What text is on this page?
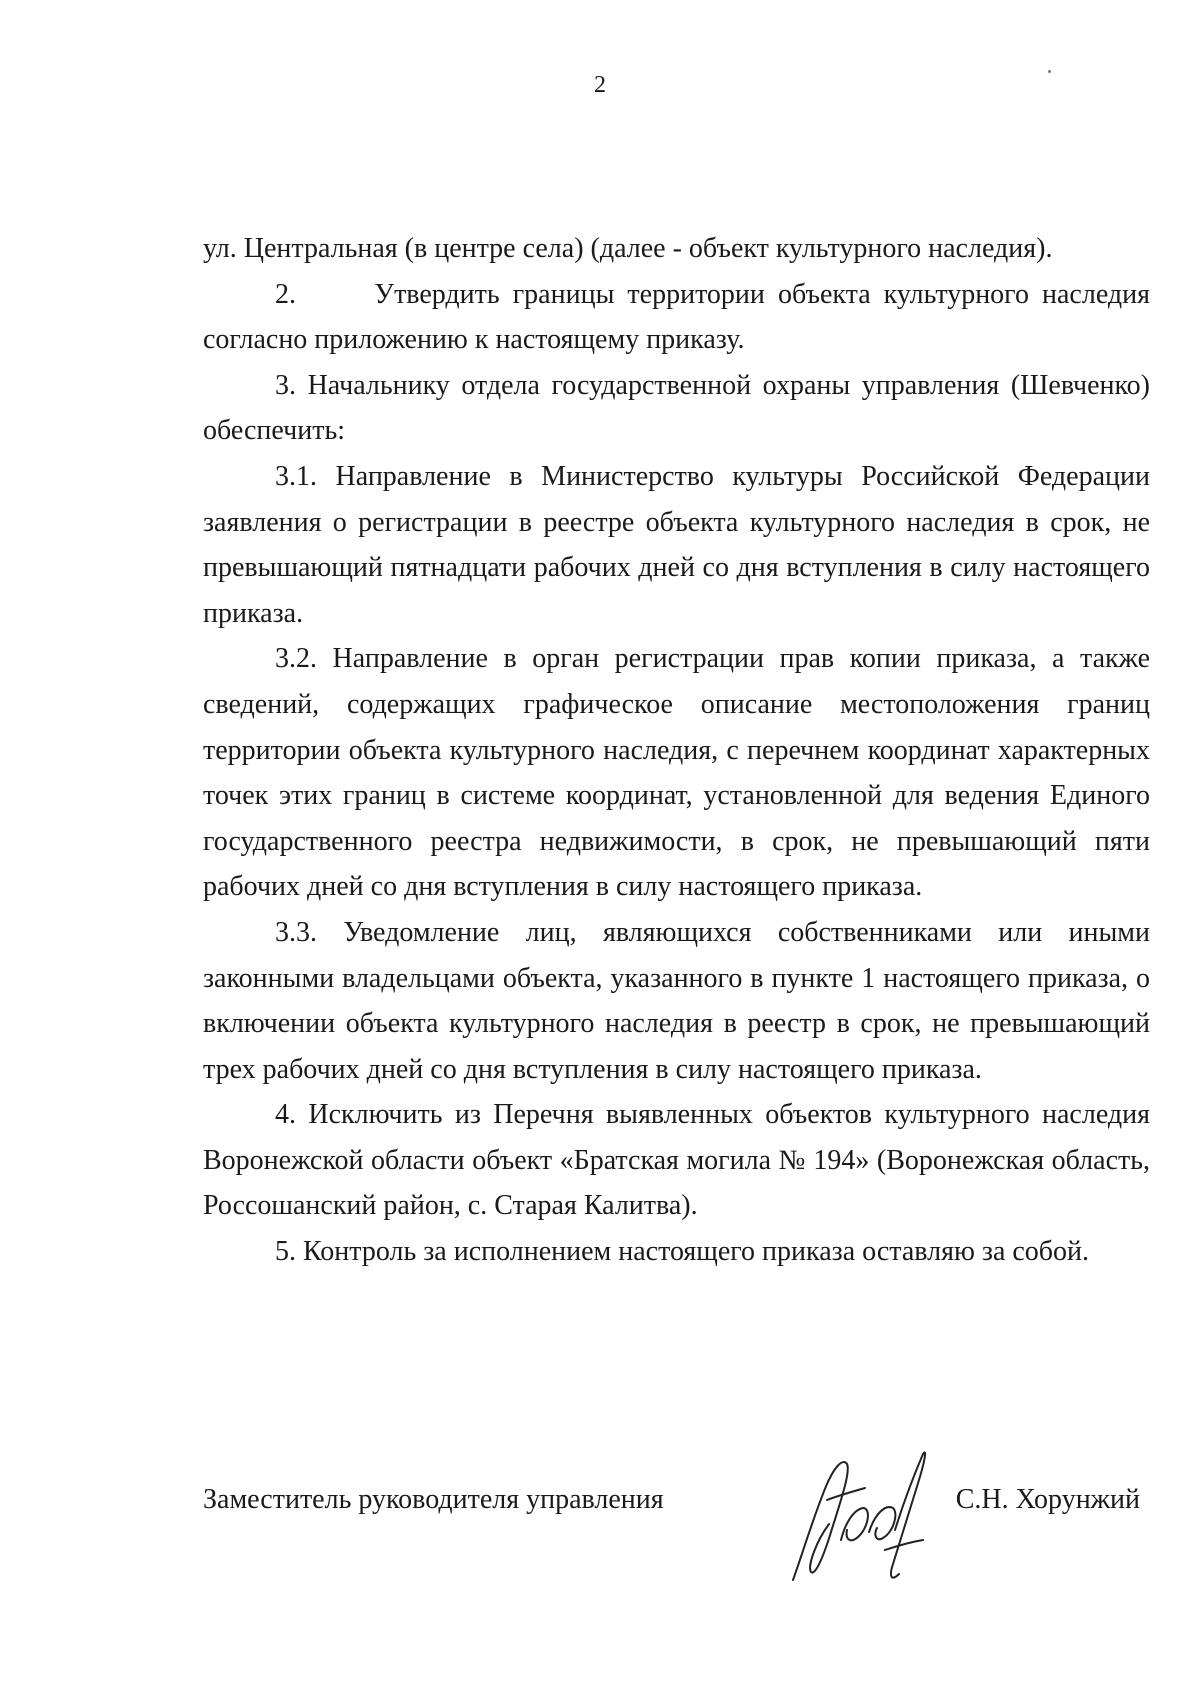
2

ул. Центральная (в центре села) (далее - объект культурного наследия).

2.      Утвердить границы территории объекта культурного наследия согласно приложению к настоящему приказу.

3. Начальнику отдела государственной охраны управления (Шевченко) обеспечить:

3.1. Направление в Министерство культуры Российской Федерации заявления о регистрации в реестре объекта культурного наследия в срок, не превышающий пятнадцати рабочих дней со дня вступления в силу настоящего приказа.

3.2. Направление в орган регистрации прав копии приказа, а также сведений, содержащих графическое описание местоположения границ территории объекта культурного наследия, с перечнем координат характерных точек этих границ в системе координат, установленной для ведения Единого государственного реестра недвижимости, в срок, не превышающий пяти рабочих дней со дня вступления в силу настоящего приказа.

3.3. Уведомление лиц, являющихся собственниками или иными законными владельцами объекта, указанного в пункте 1 настоящего приказа, о включении объекта культурного наследия в реестр в срок, не превышающий трех рабочих дней со дня вступления в силу настоящего приказа.

4. Исключить из Перечня выявленных объектов культурного наследия Воронежской области объект «Братская могила № 194» (Воронежская область, Россошанский район, с. Старая Калитва).

5. Контроль за исполнением настоящего приказа оставляю за собой.

Заместитель руководителя управления	С.Н. Хорунжий
